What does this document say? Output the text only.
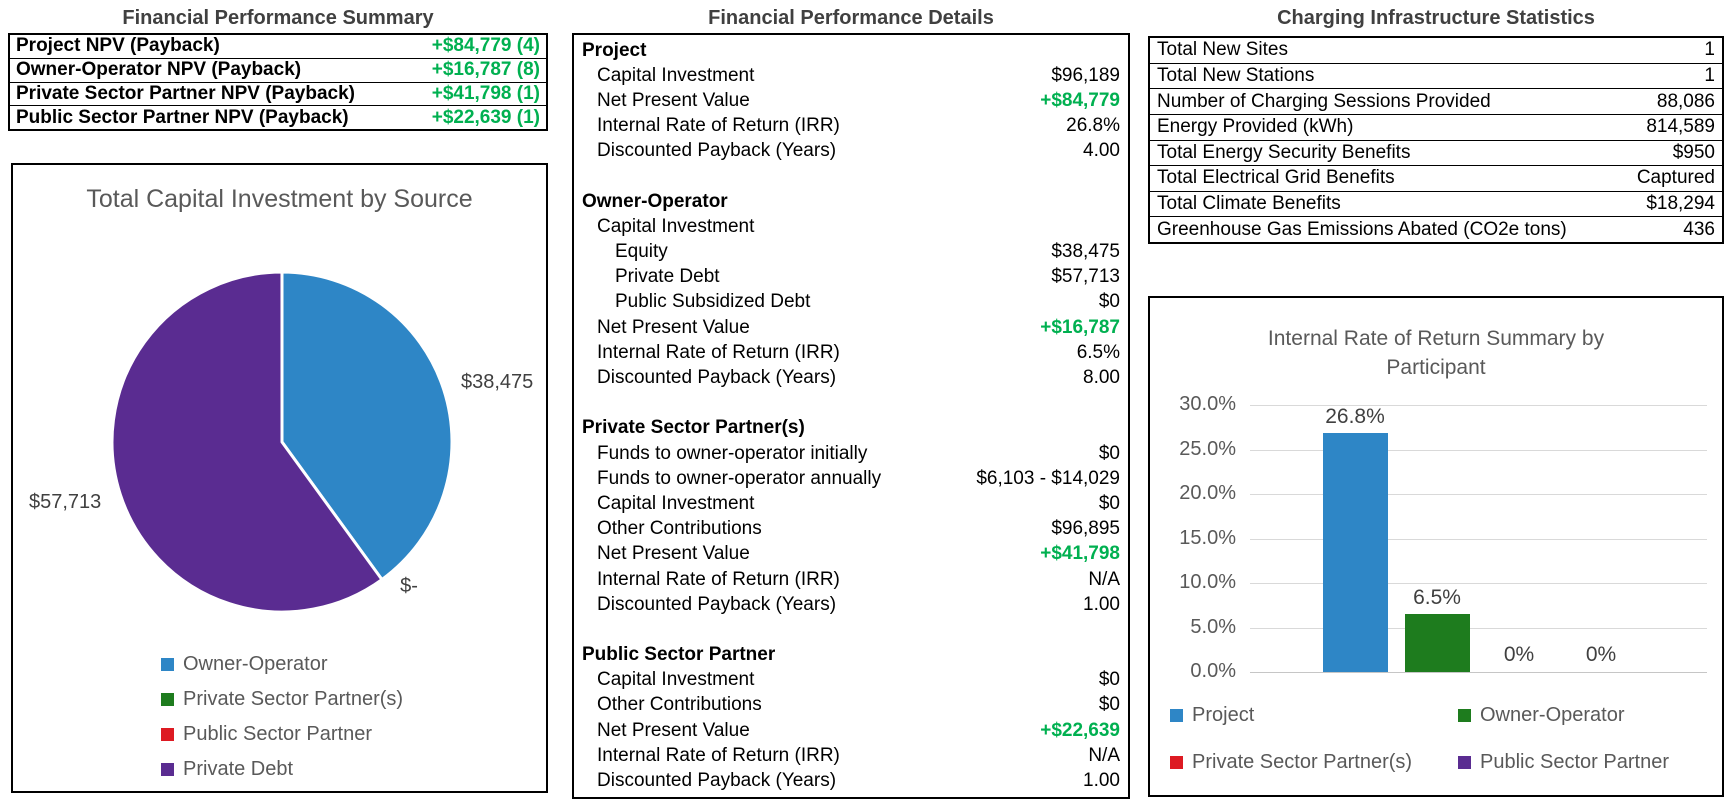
Financial Performance Summary
Project NPV (Payback)	+$84,779 (4)
Owner-Operator NPV (Payback)	+$16,787 (8)
Private Sector Partner NPV (Payback)	+$41,798 (1)
Public Sector Partner NPV (Payback)	+$22,639 (1)
Total Capital Investment by Source
$38,475
$57,713
$-
Owner-Operator
Private Sector Partner(s)
Public Sector Partner
Private Debt
Financial Performance Details
Project
Capital Investment	$96,189
Net Present Value	+$84,779
Internal Rate of Return (IRR)	26.8%
Discounted Payback (Years)	4.00
Owner-Operator
Capital Investment
Equity	$38,475
Private Debt	$57,713
Public Subsidized Debt	$0
Net Present Value	+$16,787
Internal Rate of Return (IRR)	6.5%
Discounted Payback (Years)	8.00
Private Sector Partner(s)
Funds to owner-operator initially	$0
Funds to owner-operator annually	$6,103 - $14,029
Capital Investment	$0
Other Contributions	$96,895
Net Present Value	+$41,798
Internal Rate of Return (IRR)	N/A
Discounted Payback (Years)	1.00
Public Sector Partner
Capital Investment	$0
Other Contributions	$0
Net Present Value	+$22,639
Internal Rate of Return (IRR)	N/A
Discounted Payback (Years)	1.00
Charging Infrastructure Statistics
Total New Sites	1
Total New Stations	1
Number of Charging Sessions Provided	88,086
Energy Provided (kWh)	814,589
Total Energy Security Benefits	$950
Total Electrical Grid Benefits	Captured
Total Climate Benefits	$18,294
Greenhouse Gas Emissions Abated (CO2e tons)	436
Internal Rate of Return Summary by
Participant
Project	Owner-Operator
Private Sector Partner(s)	Public Sector Partner
30.0%
25.0%
20.0%
15.0%
10.0%
5.0%
0.0%
26.8%
6.5%
0%	0%
